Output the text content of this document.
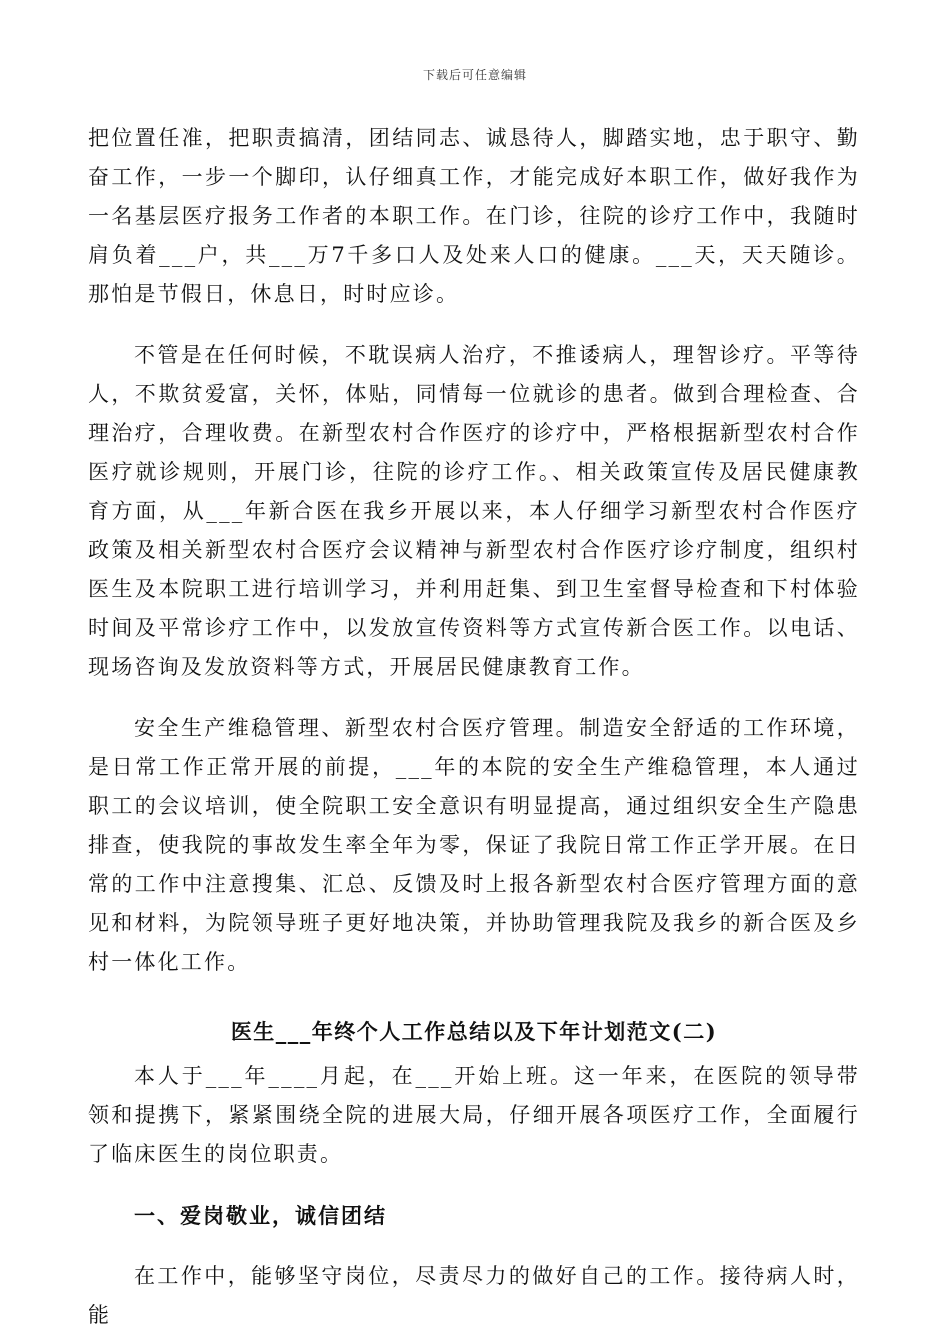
下载后可任意编辑

把位置任准，把职责搞清，团结同志、诚恳待人，脚踏实地，忠于职守、勤奋工作，一步一个脚印，认仔细真工作，才能完成好本职工作，做好我作为一名基层医疗报务工作者的本职工作。在门诊，往院的诊疗工作中，我随时肩负着___户，共___万7千多口人及处来人口的健康。___天，天天随诊。那怕是节假日，休息日，时时应诊。

不管是在任何时候，不耽误病人治疗，不推诿病人，理智诊疗。平等待人，不欺贫爱富，关怀，体贴，同情每一位就诊的患者。做到合理检查、合理治疗，合理收费。在新型农村合作医疗的诊疗中，严格根据新型农村合作医疗就诊规则，开展门诊，往院的诊疗工作。、相关政策宣传及居民健康教育方面，从___年新合医在我乡开展以来，本人仔细学习新型农村合作医疗政策及相关新型农村合医疗会议精神与新型农村合作医疗诊疗制度，组织村医生及本院职工进行培训学习，并利用赶集、到卫生室督导检查和下村体验时间及平常诊疗工作中，以发放宣传资料等方式宣传新合医工作。以电话、现场咨询及发放资料等方式，开展居民健康教育工作。

安全生产维稳管理、新型农村合医疗管理。制造安全舒适的工作环境，是日常工作正常开展的前提，___年的本院的安全生产维稳管理，本人通过职工的会议培训，使全院职工安全意识有明显提高，通过组织安全生产隐患排查，使我院的事故发生率全年为零，保证了我院日常工作正学开展。在日常的工作中注意搜集、汇总、反馈及时上报各新型农村合医疗管理方面的意见和材料，为院领导班子更好地决策，并协助管理我院及我乡的新合医及乡村一体化工作。

医生___年终个人工作总结以及下年计划范文(二)

本人于___年____月起，在___开始上班。这一年来，在医院的领导带领和提携下，紧紧围绕全院的进展大局，仔细开展各项医疗工作，全面履行了临床医生的岗位职责。

一、爱岗敬业，诚信团结

在工作中，能够坚守岗位，尽责尽力的做好自己的工作。接待病人时，能
